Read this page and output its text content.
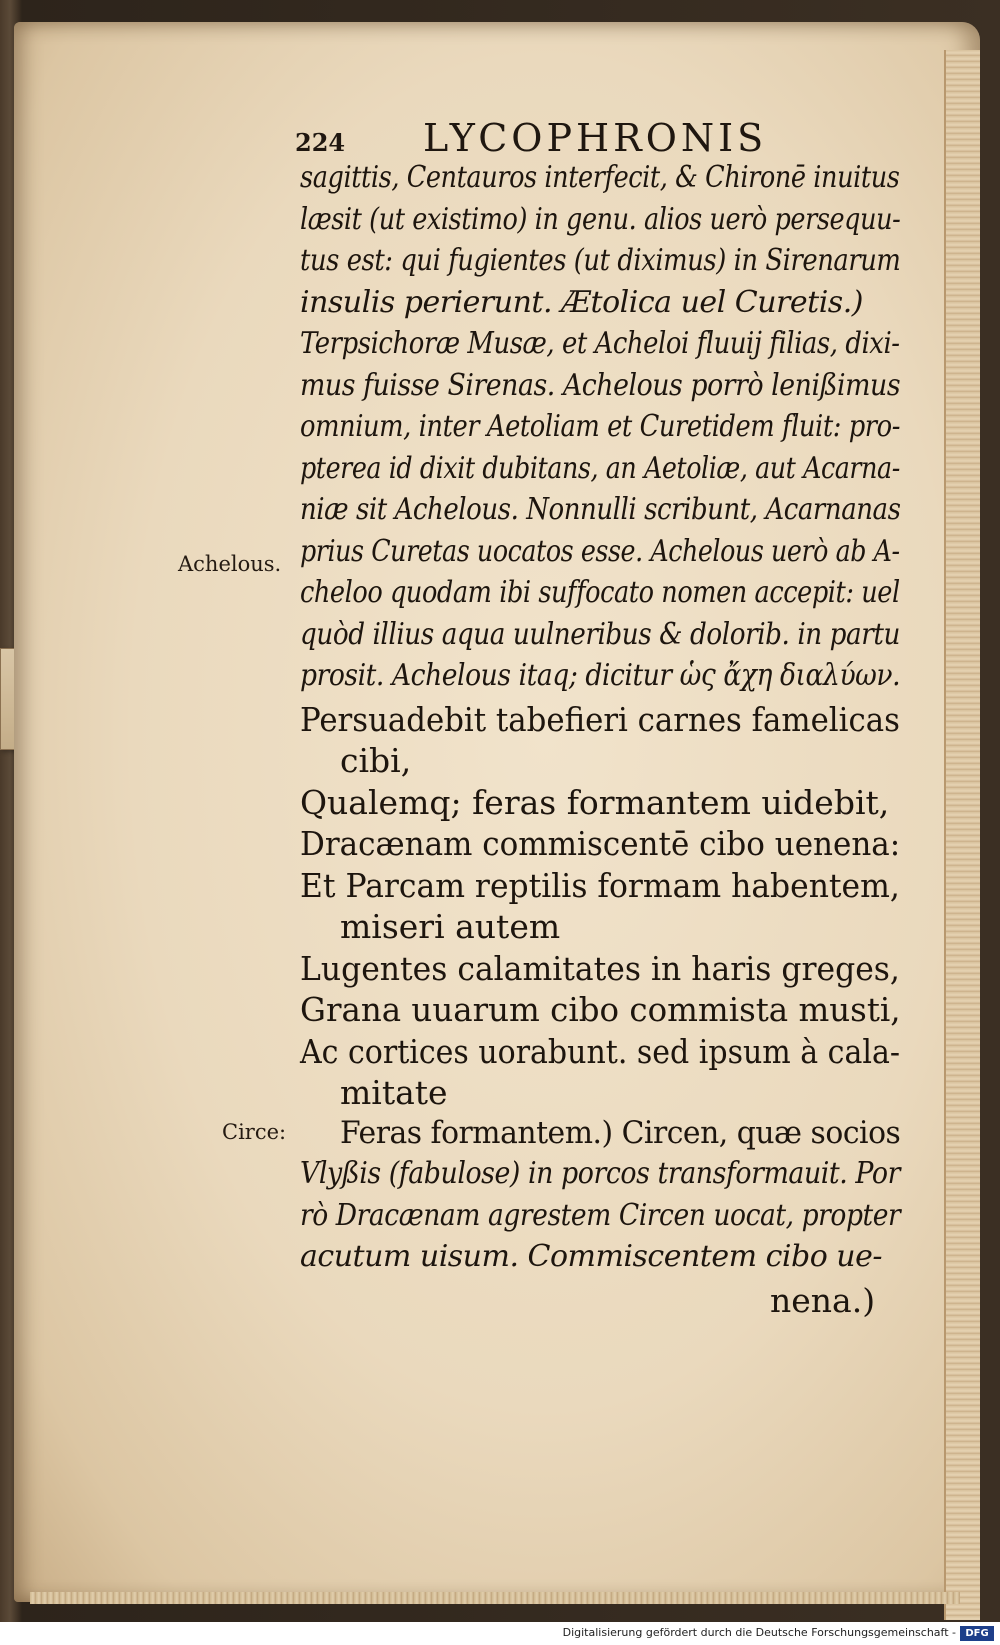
224 LYCOPHRONIS

sagittis, Centauros interfecit, & Chironē inuitus

læsit (ut existimo) in genu. alios uerò persequu-

tus est: qui fugientes (ut diximus) in Sirenarum

insulis perierunt. Ætolica uel Curetis.)

Terpsichoræ Musæ, et Acheloi fluuij filias, dixi-

mus fuisse Sirenas. Achelous porrò lenißimus

omnium, inter Aetoliam et Curetidem fluit: pro-

pterea id dixit dubitans, an Aetoliæ, aut Acarna-

niæ sit Achelous. Nonnulli scribunt, Acarnanas

prius Curetas uocatos esse. Achelous uerò ab A-

cheloo quodam ibi suffocato nomen accepit: uel

quòd illius aqua uulneribus & dolorib. in partu

prosit. Achelous itaq; dicitur ὡς ἄχη διαλύων.

Persuadebit tabefieri carnes famelicas

cibi,

Qualemq; feras formantem uidebit,

Dracænam commiscentē cibo uenena:

Et Parcam reptilis formam habentem,

miseri autem

Lugentes calamitates in haris greges,

Grana uuarum cibo commista musti,

Ac cortices uorabunt. sed ipsum à cala-

mitate

Feras formantem.) Circen, quæ socios

Vlyßis (fabulose) in porcos transformauit. Por

rò Dracænam agrestem Circen uocat, propter

acutum uisum. Commiscentem cibo ue-

nena.)

Achelous.
Circe:
Digitalisierung gefördert durch die Deutsche Forschungsgemeinschaft - DFG
